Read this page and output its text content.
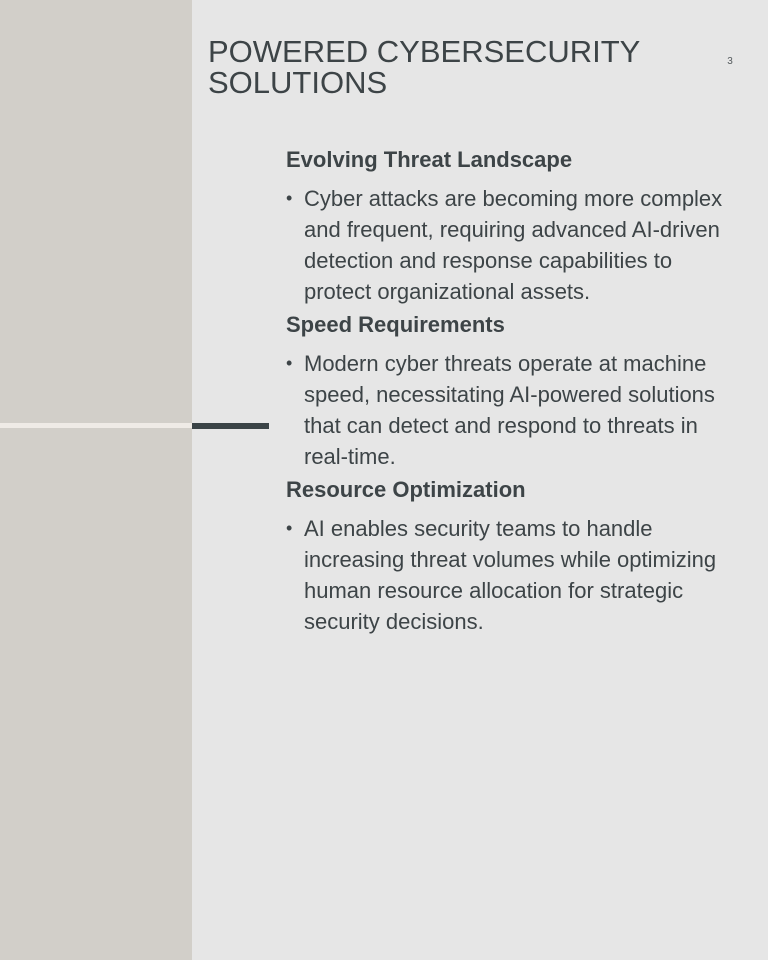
POWERED CYBERSECURITY SOLUTIONS
3
Evolving Threat Landscape
• Cyber attacks are becoming more complex and frequent, requiring advanced AI-driven detection and response capabilities to protect organizational assets.
Speed Requirements
• Modern cyber threats operate at machine speed, necessitating AI-powered solutions that can detect and respond to threats in real-time.
Resource Optimization
• AI enables security teams to handle increasing threat volumes while optimizing human resource allocation for strategic security decisions.
